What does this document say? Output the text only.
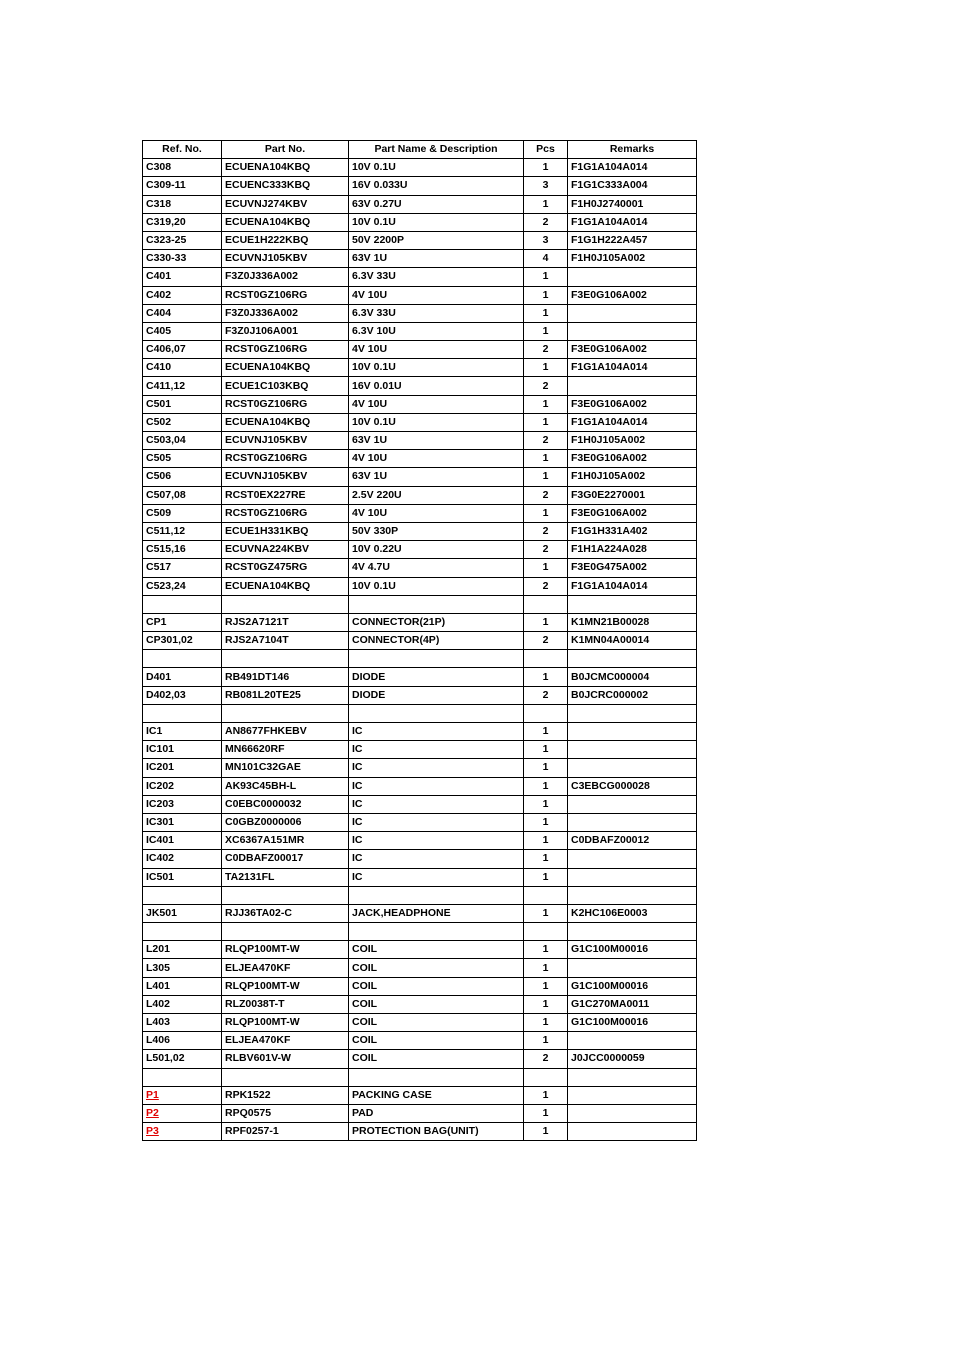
Ref. No.	Part No.	Part Name & Description	Pcs	Remarks
C308	ECUENA104KBQ	10V 0.1U	1	F1G1A104A014
C309-11	ECUENC333KBQ	16V 0.033U	3	F1G1C333A004
C318	ECUVNJ274KBV	63V 0.27U	1	F1H0J2740001
C319,20	ECUENA104KBQ	10V 0.1U	2	F1G1A104A014
C323-25	ECUE1H222KBQ	50V 2200P	3	F1G1H222A457
C330-33	ECUVNJ105KBV	63V 1U	4	F1H0J105A002
C401	F3Z0J336A002	6.3V 33U	1	
C402	RCST0GZ106RG	4V 10U	1	F3E0G106A002
C404	F3Z0J336A002	6.3V 33U	1	
C405	F3Z0J106A001	6.3V 10U	1	
C406,07	RCST0GZ106RG	4V 10U	2	F3E0G106A002
C410	ECUENA104KBQ	10V 0.1U	1	F1G1A104A014
C411,12	ECUE1C103KBQ	16V 0.01U	2	
C501	RCST0GZ106RG	4V 10U	1	F3E0G106A002
C502	ECUENA104KBQ	10V 0.1U	1	F1G1A104A014
C503,04	ECUVNJ105KBV	63V 1U	2	F1H0J105A002
C505	RCST0GZ106RG	4V 10U	1	F3E0G106A002
C506	ECUVNJ105KBV	63V 1U	1	F1H0J105A002
C507,08	RCST0EX227RE	2.5V 220U	2	F3G0E2270001
C509	RCST0GZ106RG	4V 10U	1	F3E0G106A002
C511,12	ECUE1H331KBQ	50V 330P	2	F1G1H331A402
C515,16	ECUVNA224KBV	10V 0.22U	2	F1H1A224A028
C517	RCST0GZ475RG	4V 4.7U	1	F3E0G475A002
C523,24	ECUENA104KBQ	10V 0.1U	2	F1G1A104A014

CP1	RJS2A7121T	CONNECTOR(21P)	1	K1MN21B00028
CP301,02	RJS2A7104T	CONNECTOR(4P)	2	K1MN04A00014

D401	RB491DT146	DIODE	1	B0JCMC000004
D402,03	RB081L20TE25	DIODE	2	B0JCRC000002

IC1	AN8677FHKEBV	IC	1	
IC101	MN66620RF	IC	1	
IC201	MN101C32GAE	IC	1	
IC202	AK93C45BH-L	IC	1	C3EBCG000028
IC203	C0EBC0000032	IC	1	
IC301	C0GBZ0000006	IC	1	
IC401	XC6367A151MR	IC	1	C0DBAFZ00012
IC402	C0DBAFZ00017	IC	1	
IC501	TA2131FL	IC	1	

JK501	RJJ36TA02-C	JACK,HEADPHONE	1	K2HC106E0003

L201	RLQP100MT-W	COIL	1	G1C100M00016
L305	ELJEA470KF	COIL	1	
L401	RLQP100MT-W	COIL	1	G1C100M00016
L402	RLZ0038T-T	COIL	1	G1C270MA0011
L403	RLQP100MT-W	COIL	1	G1C100M00016
L406	ELJEA470KF	COIL	1	
L501,02	RLBV601V-W	COIL	2	J0JCC0000059

P1	RPK1522	PACKING CASE	1	
P2	RPQ0575	PAD	1	
P3	RPF0257-1	PROTECTION BAG(UNIT)	1	
